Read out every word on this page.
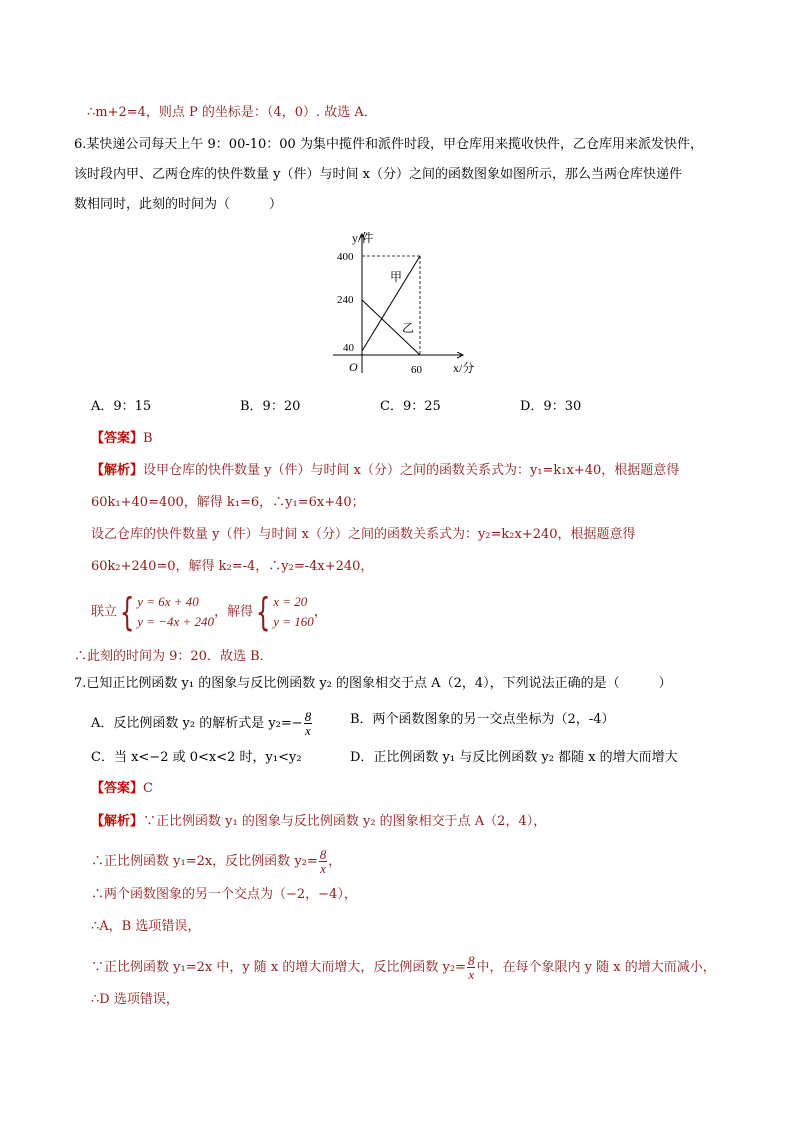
∴m+2=4，则点 P 的坐标是：（4，0）. 故选 A．
6.某快递公司每天上午 9：00-10：00 为集中揽件和派件时段，甲仓库用来揽收快件，乙仓库用来派发快件，
该时段内甲、乙两仓库的快件数量 y（件）与时间 x（分）之间的函数图象如图所示，那么当两仓库快递件
数相同时，此刻的时间为（　　　）
y/件
x/分
O
400
240
40
60
甲
乙
A．9：15	B．9：20	C．9：25	D．9：30
【答案】B
【解析】设甲仓库的快件数量 y（件）与时间 x（分）之间的函数关系式为：y₁=k₁x+40，根据题意得
60k₁+40=400，解得 k₁=6，∴y₁=6x+40；
设乙仓库的快件数量 y（件）与时间 x（分）之间的函数关系式为：y₂=k₂x+240，根据题意得
60k₂+240=0，解得 k₂=-4，∴y₂=-4x+240，
联立{ y = 6x + 40
y = −4x + 240
，解得{ x = 20
y = 160
，
∴此刻的时间为 9：20．故选 B．
7.已知正比例函数 y₁ 的图象与反比例函数 y₂ 的图象相交于点 A（2，4），下列说法正确的是（　　　）
A．反比例函数 y₂ 的解析式是 $y_2=- \frac{8}{x}$	B．两个函数图象的另一交点坐标为（2，-4）
C．当 x<−2 或 0<x<2 时，y₁<y₂	D．正比例函数 y₁ 与反比例函数 y₂ 都随 x 的增大而增大
【答案】C
【解析】∵正比例函数 y₁ 的图象与反比例函数 y₂ 的图象相交于点 A（2，4），
∴正比例函数 y₁=2x，反比例函数 $y_2= \frac{8}{x}$ ，
∴两个函数图象的另一个交点为（−2，−4），
∴A，B 选项错误，
∵正比例函数 y₁=2x 中，y 随 x 的增大而增大，反比例函数 $y_2= \frac{8}{x}$ 中，在每个象限内 y 随 x 的增大而减小，
∴D 选项错误，
